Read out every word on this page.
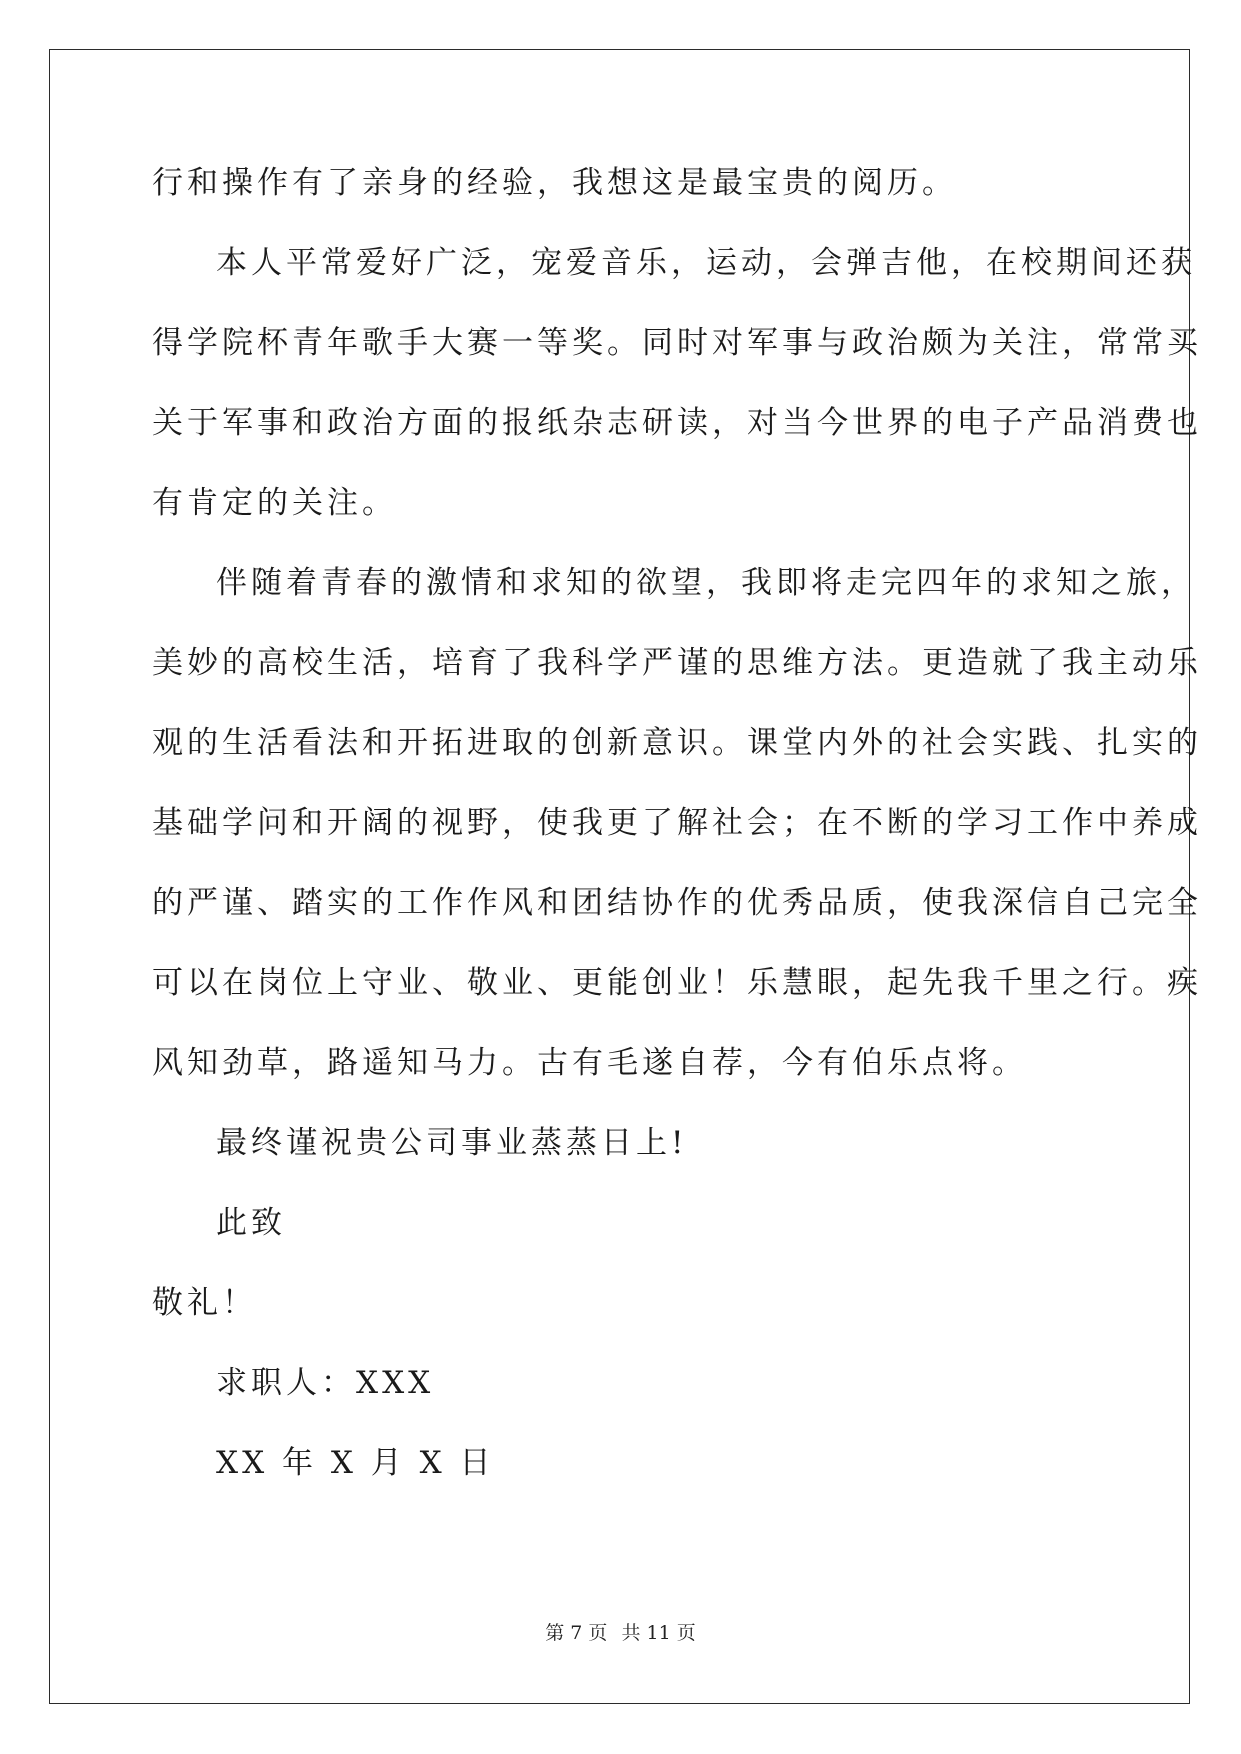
行和操作有了亲身的经验，我想这是最宝贵的阅历。
本人平常爱好广泛，宠爱音乐，运动，会弹吉他，在校期间还获
得学院杯青年歌手大赛一等奖。同时对军事与政治颇为关注，常常买
关于军事和政治方面的报纸杂志研读，对当今世界的电子产品消费也
有肯定的关注。
伴随着青春的激情和求知的欲望，我即将走完四年的求知之旅，
美妙的高校生活，培育了我科学严谨的思维方法。更造就了我主动乐
观的生活看法和开拓进取的创新意识。课堂内外的社会实践、扎实的
基础学问和开阔的视野，使我更了解社会；在不断的学习工作中养成
的严谨、踏实的工作作风和团结协作的优秀品质，使我深信自己完全
可以在岗位上守业、敬业、更能创业！乐慧眼，起先我千里之行。疾
风知劲草，路遥知马力。古有毛遂自荐，今有伯乐点将。
最终谨祝贵公司事业蒸蒸日上!
此致
敬礼！
求职人：XXX
XX 年 X 月 X 日
第 7 页 共 11 页
